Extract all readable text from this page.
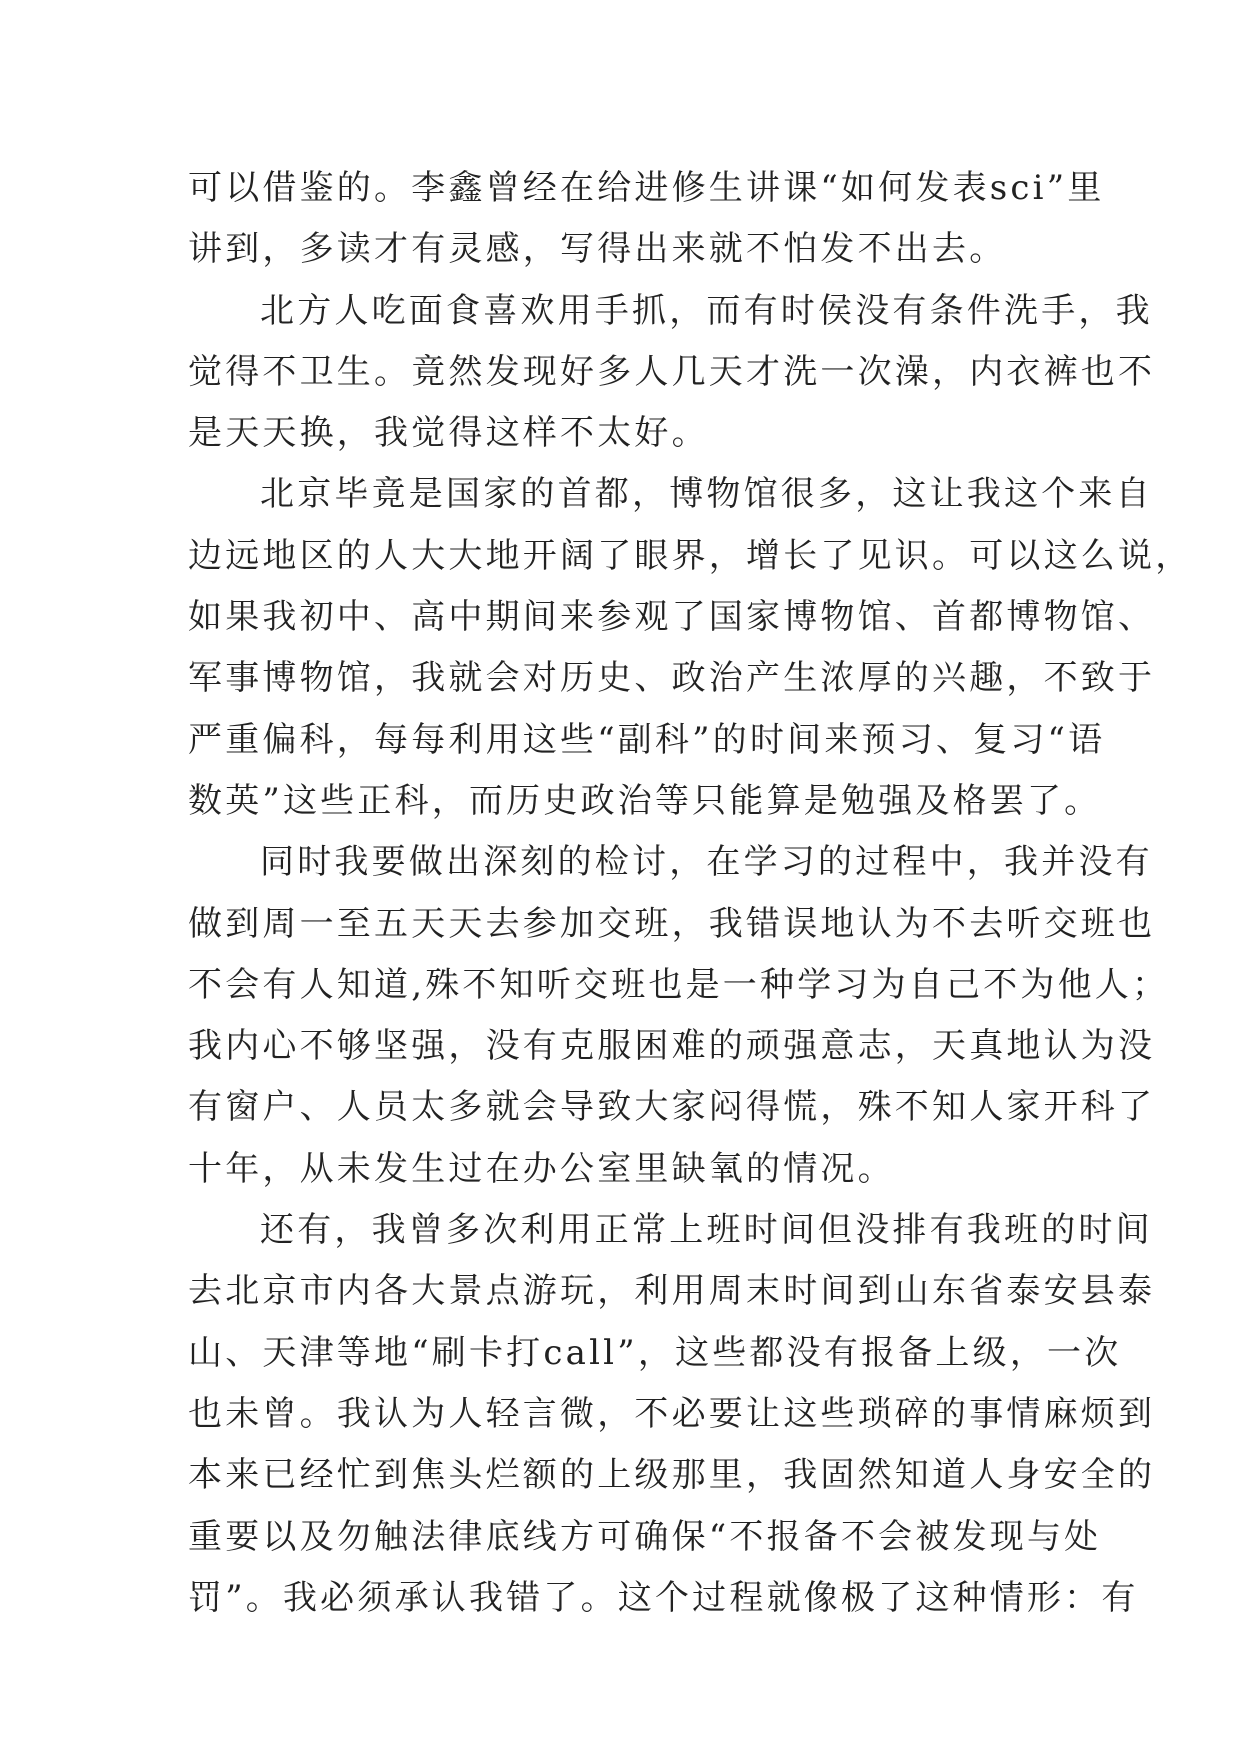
可以借鉴的。李鑫曾经在给进修生讲课“如何发表sci”里
讲到，多读才有灵感，写得出来就不怕发不出去。
北方人吃面食喜欢用手抓，而有时侯没有条件洗手，我
觉得不卫生。竟然发现好多人几天才洗一次澡，内衣裤也不
是天天换，我觉得这样不太好。
北京毕竟是国家的首都，博物馆很多，这让我这个来自
边远地区的人大大地开阔了眼界，增长了见识。可以这么说，
如果我初中、高中期间来参观了国家博物馆、首都博物馆、
军事博物馆，我就会对历史、政治产生浓厚的兴趣，不致于
严重偏科，每每利用这些“副科”的时间来预习、复习“语
数英”这些正科，而历史政治等只能算是勉强及格罢了。
同时我要做出深刻的检讨，在学习的过程中，我并没有
做到周一至五天天去参加交班，我错误地认为不去听交班也
不会有人知道,殊不知听交班也是一种学习为自己不为他人；
我内心不够坚强，没有克服困难的顽强意志，天真地认为没
有窗户、人员太多就会导致大家闷得慌，殊不知人家开科了
十年，从未发生过在办公室里缺氧的情况。
还有，我曾多次利用正常上班时间但没排有我班的时间
去北京市内各大景点游玩，利用周末时间到山东省泰安县泰
山、天津等地“刷卡打call”，这些都没有报备上级，一次
也未曾。我认为人轻言微，不必要让这些琐碎的事情麻烦到
本来已经忙到焦头烂额的上级那里，我固然知道人身安全的
重要以及勿触法律底线方可确保“不报备不会被发现与处
罚”。我必须承认我错了。这个过程就像极了这种情形：有
